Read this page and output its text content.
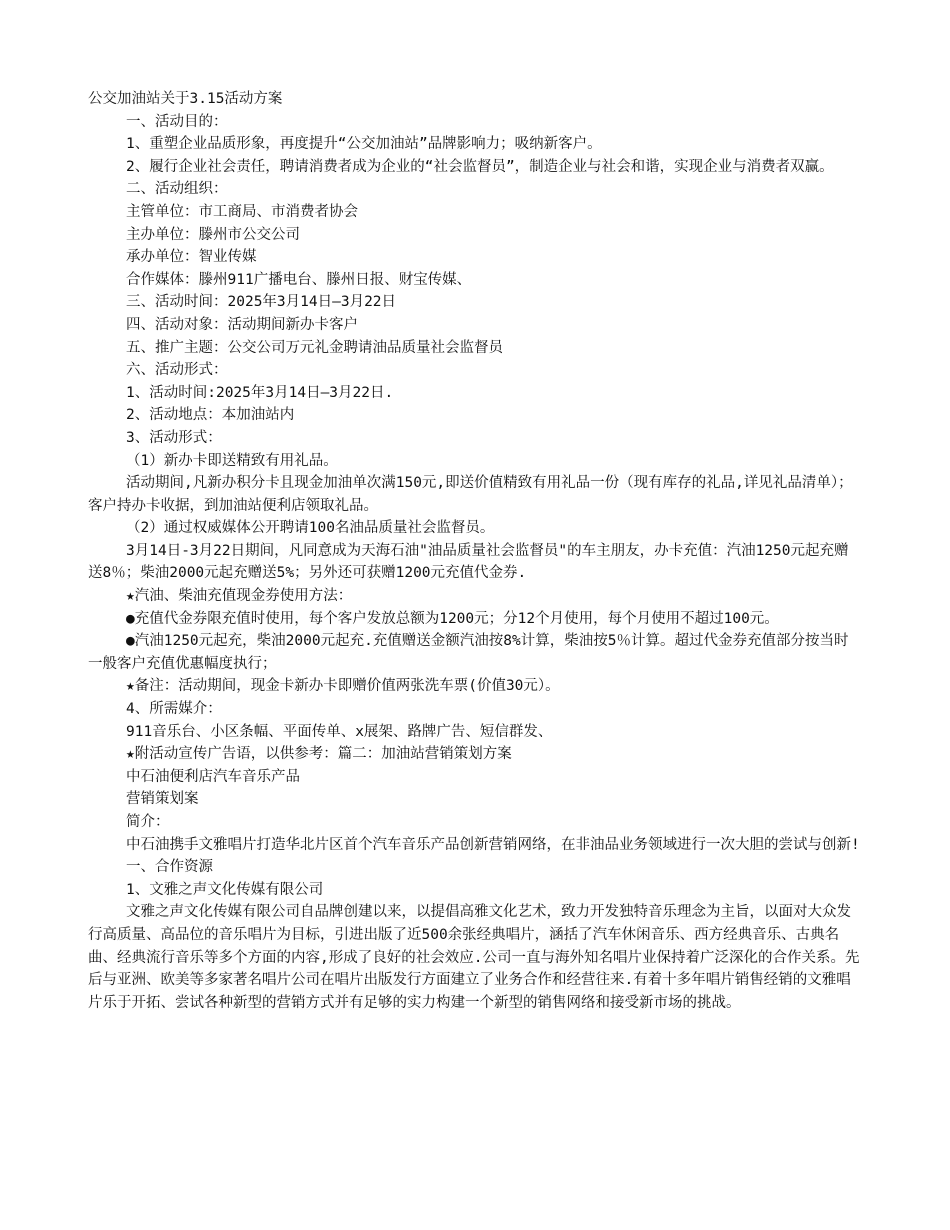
公交加油站关于3.15活动方案

一、活动目的：

1、重塑企业品质形象，再度提升“公交加油站”品牌影响力；吸纳新客户。

2、履行企业社会责任，聘请消费者成为企业的“社会监督员”，制造企业与社会和谐，实现企业与消费者双赢。

二、活动组织：

主管单位：市工商局、市消费者协会

主办单位：滕州市公交公司

承办单位：智业传媒

合作媒体：滕州911广播电台、滕州日报、财宝传媒、

三、活动时间：2025年3月14日—3月22日

四、活动对象：活动期间新办卡客户

五、推广主题：公交公司万元礼金聘请油品质量社会监督员

六、活动形式：

1、活动时间:2025年3月14日—3月22日.

2、活动地点：本加油站内

3、活动形式：

（1）新办卡即送精致有用礼品。

活动期间,凡新办积分卡且现金加油单次满150元,即送价值精致有用礼品一份（现有库存的礼品,详见礼品清单）；客户持办卡收据，到加油站便利店领取礼品。

（2）通过权威媒体公开聘请100名油品质量社会监督员。

3月14日-3月22日期间，凡同意成为天海石油"油品质量社会监督员"的车主朋友，办卡充值：汽油1250元起充赠送8％；柴油2000元起充赠送5%；另外还可获赠1200元充值代金券.

★汽油、柴油充值现金券使用方法：

●充值代金券限充值时使用，每个客户发放总额为1200元；分12个月使用，每个月使用不超过100元。

●汽油1250元起充，柴油2000元起充.充值赠送金额汽油按8%计算，柴油按5％计算。超过代金券充值部分按当时一般客户充值优惠幅度执行；

★备注：活动期间，现金卡新办卡即赠价值两张洗车票(价值30元）。

4、所需媒介：

911音乐台、小区条幅、平面传单、x展架、路牌广告、短信群发、

★附活动宣传广告语，以供参考：篇二：加油站营销策划方案

中石油便利店汽车音乐产品

营销策划案

简介：

中石油携手文雅唱片打造华北片区首个汽车音乐产品创新营销网络，在非油品业务领域进行一次大胆的尝试与创新!

一、合作资源

1、文雅之声文化传媒有限公司

文雅之声文化传媒有限公司自品牌创建以来，以提倡高雅文化艺术，致力开发独特音乐理念为主旨，以面对大众发行高质量、高品位的音乐唱片为目标，引进出版了近500余张经典唱片，涵括了汽车休闲音乐、西方经典音乐、古典名曲、经典流行音乐等多个方面的内容,形成了良好的社会效应.公司一直与海外知名唱片业保持着广泛深化的合作关系。先后与亚洲、欧美等多家著名唱片公司在唱片出版发行方面建立了业务合作和经营往来.有着十多年唱片销售经销的文雅唱片乐于开拓、尝试各种新型的营销方式并有足够的实力构建一个新型的销售网络和接受新市场的挑战。
